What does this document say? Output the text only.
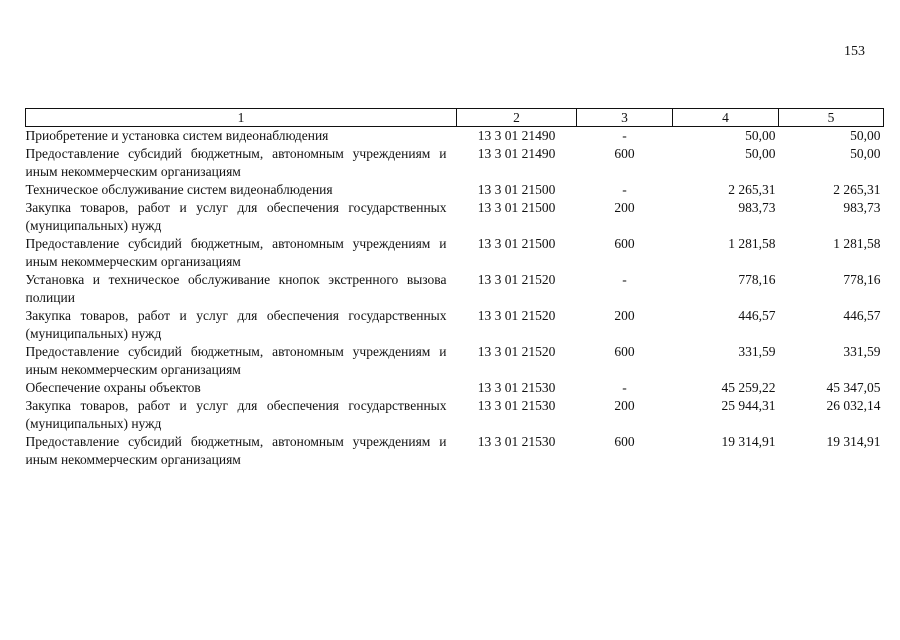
153
1	2	3	4	5
Приобретение и установка систем видеонаблюдения	13 3 01 21490	-	50,00	50,00
Предоставление субсидий бюджетным, автономным учреждениям и иным некоммерческим организациям	13 3 01 21490	600	50,00	50,00
Техническое обслуживание систем видеонаблюдения	13 3 01 21500	-	2 265,31	2 265,31
Закупка товаров, работ и услуг для обеспечения государственных (муниципальных) нужд	13 3 01 21500	200	983,73	983,73
Предоставление субсидий бюджетным, автономным учреждениям и иным некоммерческим организациям	13 3 01 21500	600	1 281,58	1 281,58
Установка и техническое обслуживание кнопок экстренного вызова полиции	13 3 01 21520	-	778,16	778,16
Закупка товаров, работ и услуг для обеспечения государственных (муниципальных) нужд	13 3 01 21520	200	446,57	446,57
Предоставление субсидий бюджетным, автономным учреждениям и иным некоммерческим организациям	13 3 01 21520	600	331,59	331,59
Обеспечение охраны объектов	13 3 01 21530	-	45 259,22	45 347,05
Закупка товаров, работ и услуг для обеспечения государственных (муниципальных) нужд	13 3 01 21530	200	25 944,31	26 032,14
Предоставление субсидий бюджетным, автономным учреждениям и иным некоммерческим организациям	13 3 01 21530	600	19 314,91	19 314,91
